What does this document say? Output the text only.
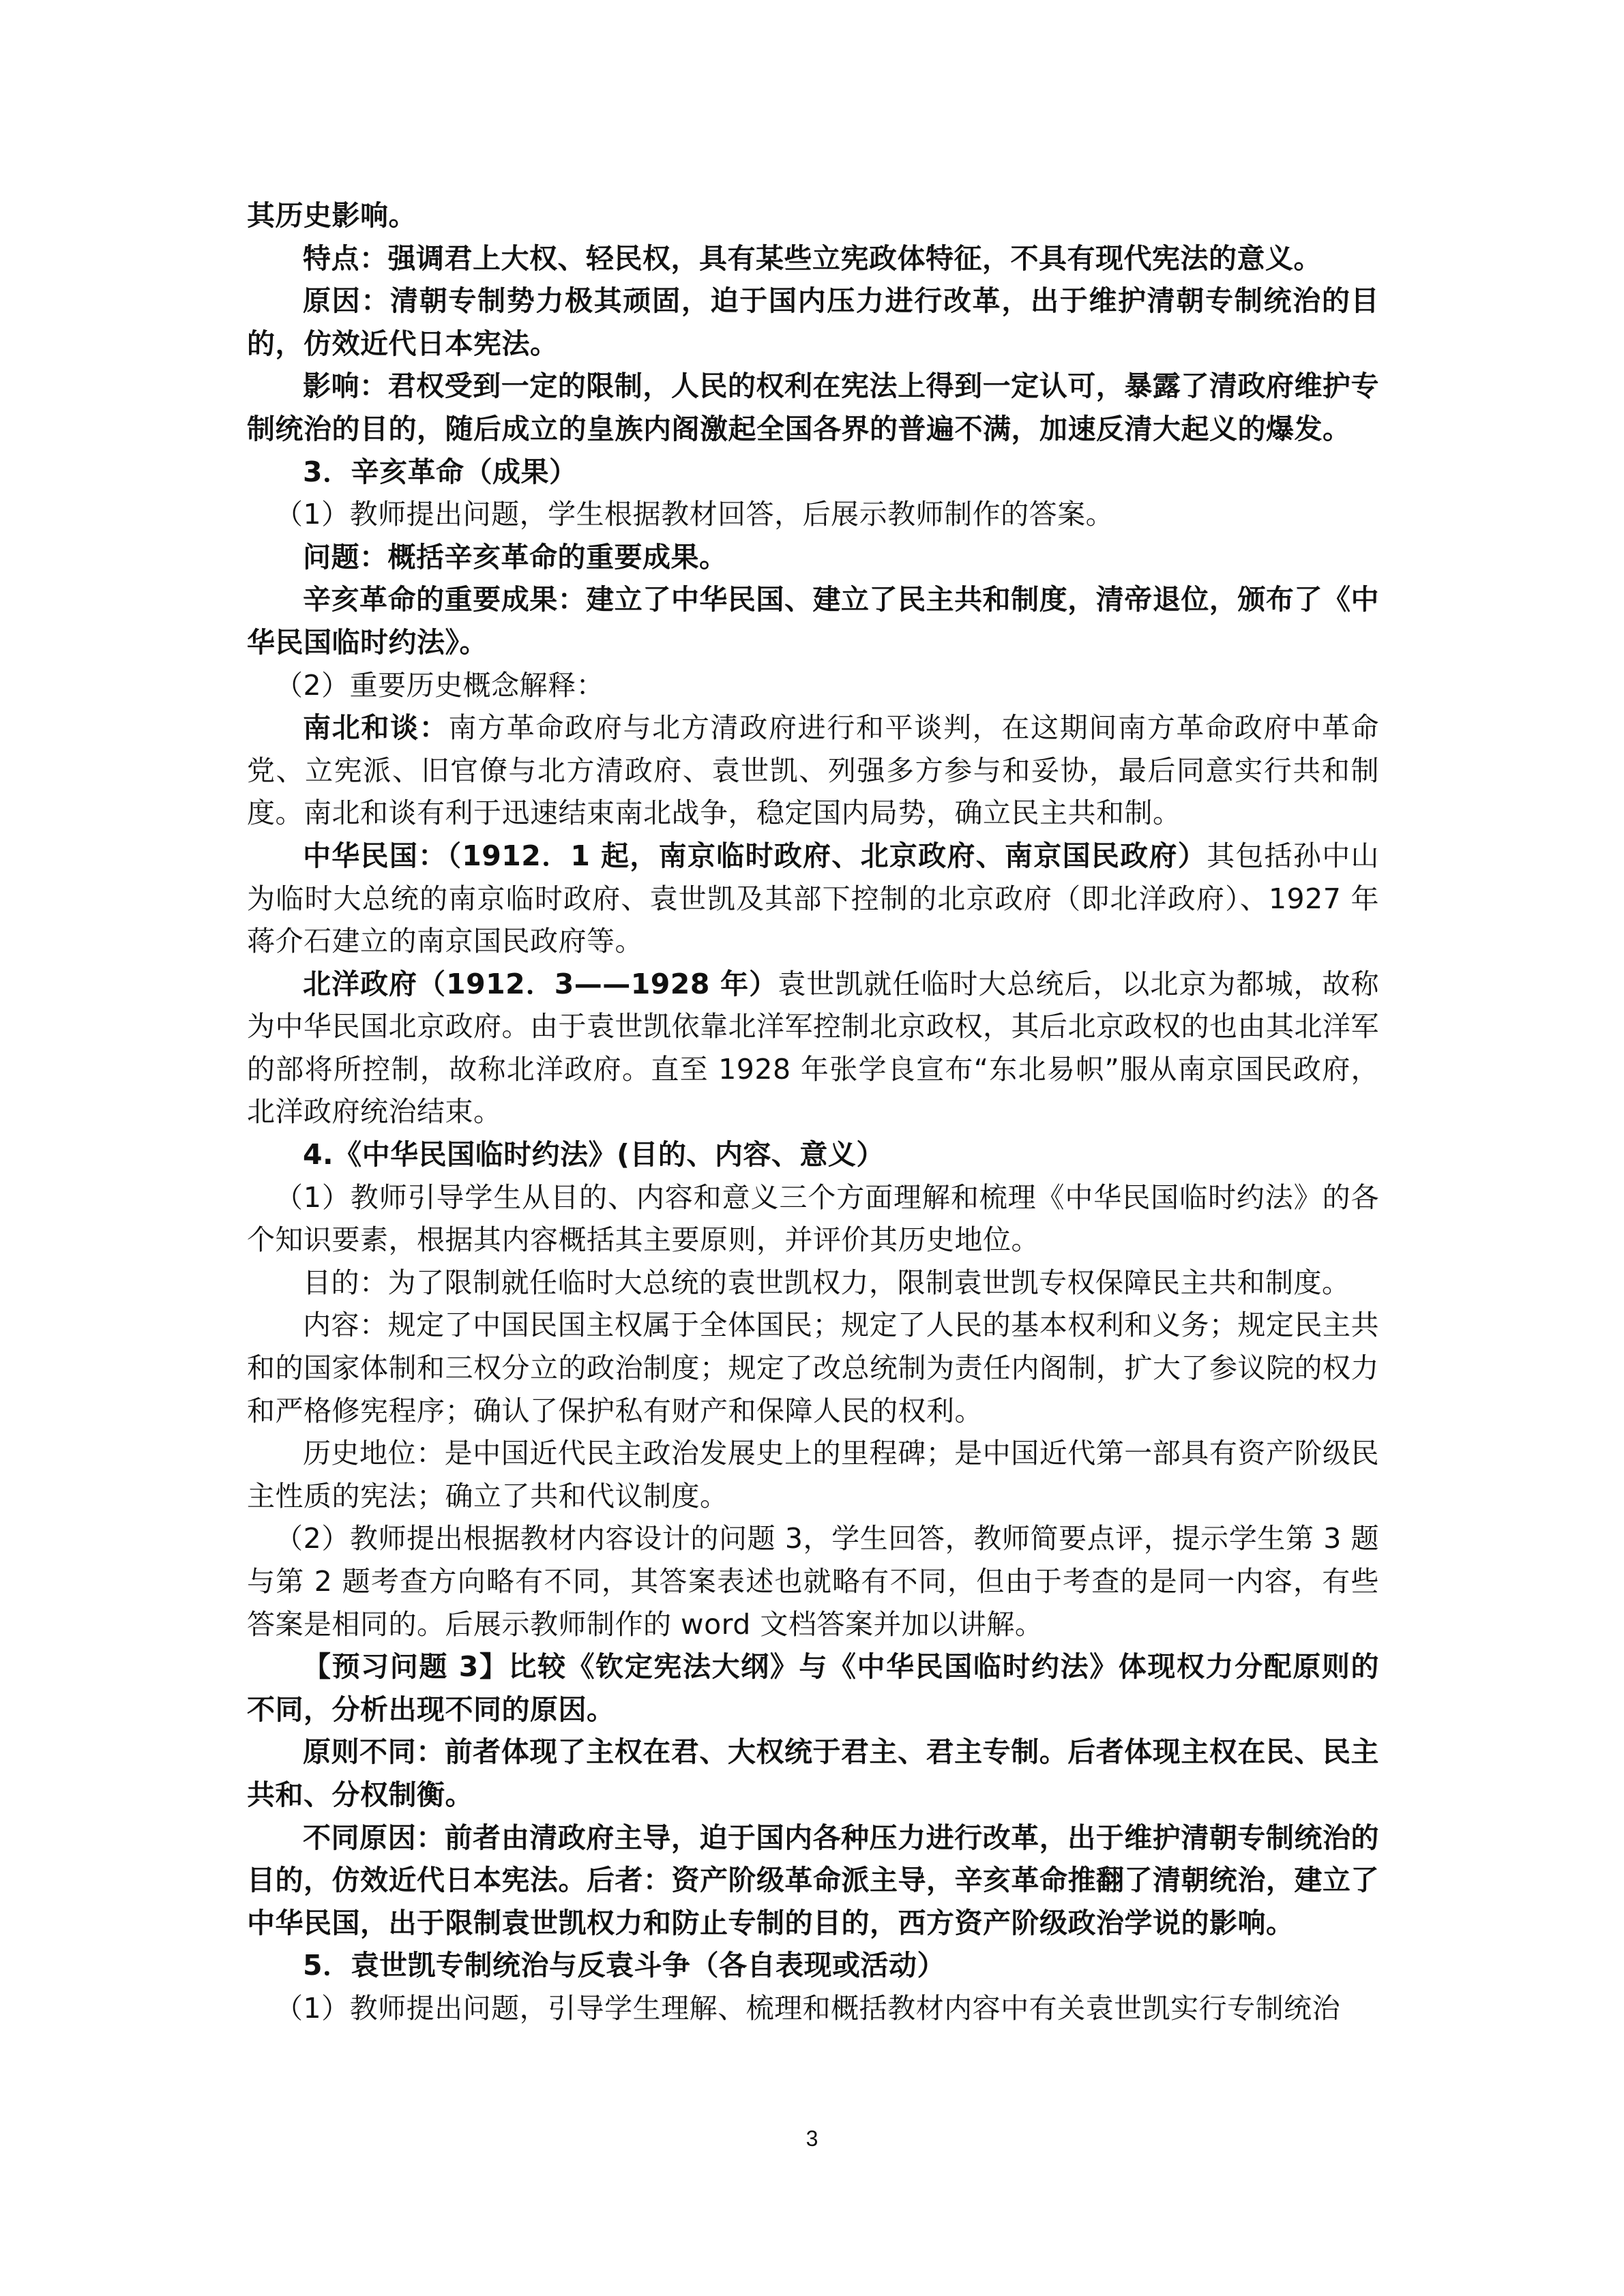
其历史影响。

特点：强调君上大权、轻民权，具有某些立宪政体特征，不具有现代宪法的意义。

原因：清朝专制势力极其顽固，迫于国内压力进行改革，出于维护清朝专制统治的目的，仿效近代日本宪法。

影响：君权受到一定的限制，人民的权利在宪法上得到一定认可，暴露了清政府维护专制统治的目的，随后成立的皇族内阁激起全国各界的普遍不满，加速反清大起义的爆发。

3．辛亥革命（成果）

（1）教师提出问题，学生根据教材回答，后展示教师制作的答案。

问题：概括辛亥革命的重要成果。

辛亥革命的重要成果：建立了中华民国、建立了民主共和制度，清帝退位，颁布了《中华民国临时约法》。

（2）重要历史概念解释：

南北和谈：南方革命政府与北方清政府进行和平谈判，在这期间南方革命政府中革命党、立宪派、旧官僚与北方清政府、袁世凯、列强多方参与和妥协，最后同意实行共和制度。南北和谈有利于迅速结束南北战争，稳定国内局势，确立民主共和制。

中华民国：（1912．1 起，南京临时政府、北京政府、南京国民政府）其包括孙中山为临时大总统的南京临时政府、袁世凯及其部下控制的北京政府（即北洋政府）、1927 年蒋介石建立的南京国民政府等。

北洋政府（1912．3——1928 年）袁世凯就任临时大总统后，以北京为都城，故称为中华民国北京政府。由于袁世凯依靠北洋军控制北京政权，其后北京政权的也由其北洋军的部将所控制，故称北洋政府。直至 1928 年张学良宣布“东北易帜”服从南京国民政府，北洋政府统治结束。

4.《中华民国临时约法》(目的、内容、意义）

（1）教师引导学生从目的、内容和意义三个方面理解和梳理《中华民国临时约法》的各个知识要素，根据其内容概括其主要原则，并评价其历史地位。

目的：为了限制就任临时大总统的袁世凯权力，限制袁世凯专权保障民主共和制度。

内容：规定了中国民国主权属于全体国民；规定了人民的基本权利和义务；规定民主共和的国家体制和三权分立的政治制度；规定了改总统制为责任内阁制，扩大了参议院的权力和严格修宪程序；确认了保护私有财产和保障人民的权利。

历史地位：是中国近代民主政治发展史上的里程碑；是中国近代第一部具有资产阶级民主性质的宪法；确立了共和代议制度。

（2）教师提出根据教材内容设计的问题 3，学生回答，教师简要点评，提示学生第 3 题与第 2 题考查方向略有不同，其答案表述也就略有不同，但由于考查的是同一内容，有些答案是相同的。后展示教师制作的 word 文档答案并加以讲解。

【预习问题 3】比较《钦定宪法大纲》与《中华民国临时约法》体现权力分配原则的不同，分析出现不同的原因。

原则不同：前者体现了主权在君、大权统于君主、君主专制。后者体现主权在民、民主共和、分权制衡。

不同原因：前者由清政府主导，迫于国内各种压力进行改革，出于维护清朝专制统治的目的，仿效近代日本宪法。后者：资产阶级革命派主导，辛亥革命推翻了清朝统治，建立了中华民国，出于限制袁世凯权力和防止专制的目的，西方资产阶级政治学说的影响。

5．袁世凯专制统治与反袁斗争（各自表现或活动）

（1）教师提出问题，引导学生理解、梳理和概括教材内容中有关袁世凯实行专制统治

3
